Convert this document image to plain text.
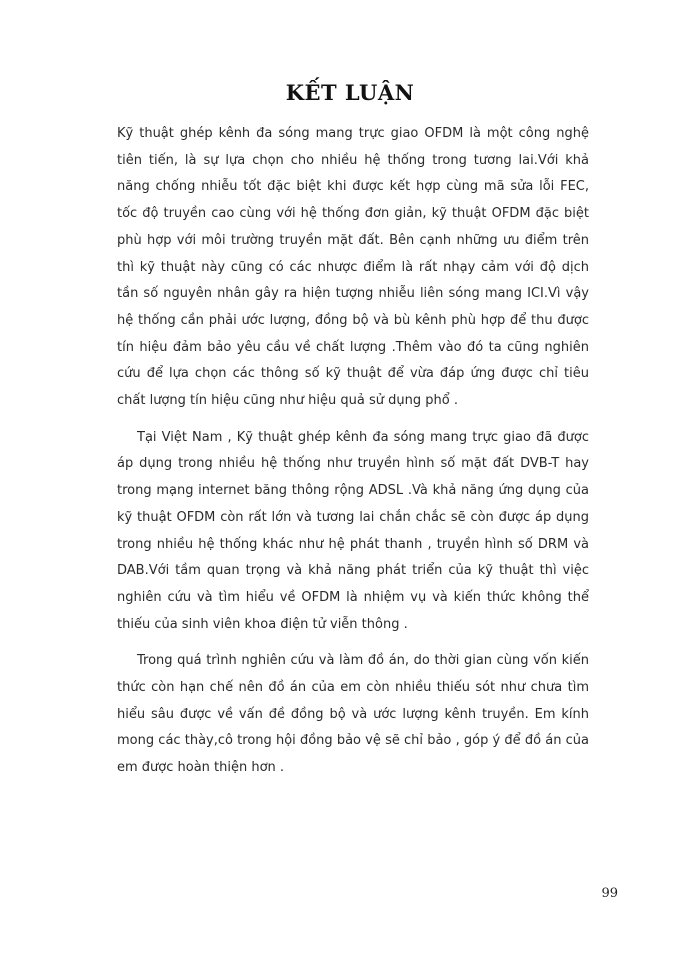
KẾT LUẬN

Kỹ thuật ghép kênh đa sóng mang trực giao OFDM là một công nghệ tiên tiến, là sự lựa chọn cho nhiều hệ thống trong tương lai.Với khả năng chống nhiễu tốt đặc biệt khi được kết hợp cùng mã sửa lỗi FEC, tốc độ truyền cao cùng với hệ thống đơn giản, kỹ thuật OFDM đặc biệt phù hợp với môi trường truyền mặt đất. Bên cạnh những ưu điểm trên thì kỹ thuật này cũng có các nhược điểm là rất nhạy cảm với độ dịch tần số nguyên nhân gây ra hiện tượng nhiễu liên sóng mang ICI.Vì vậy hệ thống cần phải ước lượng, đồng bộ và bù kênh phù hợp để thu được tín hiệu đảm bảo yêu cầu về chất lượng .Thêm vào đó ta cũng nghiên cứu để lựa chọn các thông số kỹ thuật để vừa đáp ứng được chỉ tiêu chất lượng tín hiệu cũng như hiệu quả sử dụng phổ .

Tại Việt Nam , Kỹ thuật ghép kênh đa sóng mang trực giao đã được áp dụng trong nhiều hệ thống như truyền hình số mặt đất DVB-T hay trong mạng internet băng thông rộng ADSL .Và khả năng ứng dụng của kỹ thuật OFDM còn rất lớn và tương lai chắn chắc sẽ còn được áp dụng trong nhiều hệ thống khác như hệ phát thanh , truyền hình số DRM và DAB.Với tầm quan trọng và khả năng phát triển của kỹ thuật thì việc nghiên cứu và tìm hiểu về OFDM là nhiệm vụ và kiến thức không thể thiếu của sinh viên khoa điện tử viễn thông .

Trong quá trình nghiên cứu và làm đồ án, do thời gian cùng vốn kiến thức còn hạn chế nên đồ án của em còn nhiều thiếu sót như chưa tìm hiểu sâu được về vấn đề đồng bộ và ước lượng kênh truyền. Em kính mong các thày,cô trong hội đồng bảo vệ sẽ chỉ bảo , góp ý để đồ án của em được hoàn thiện hơn .

99
